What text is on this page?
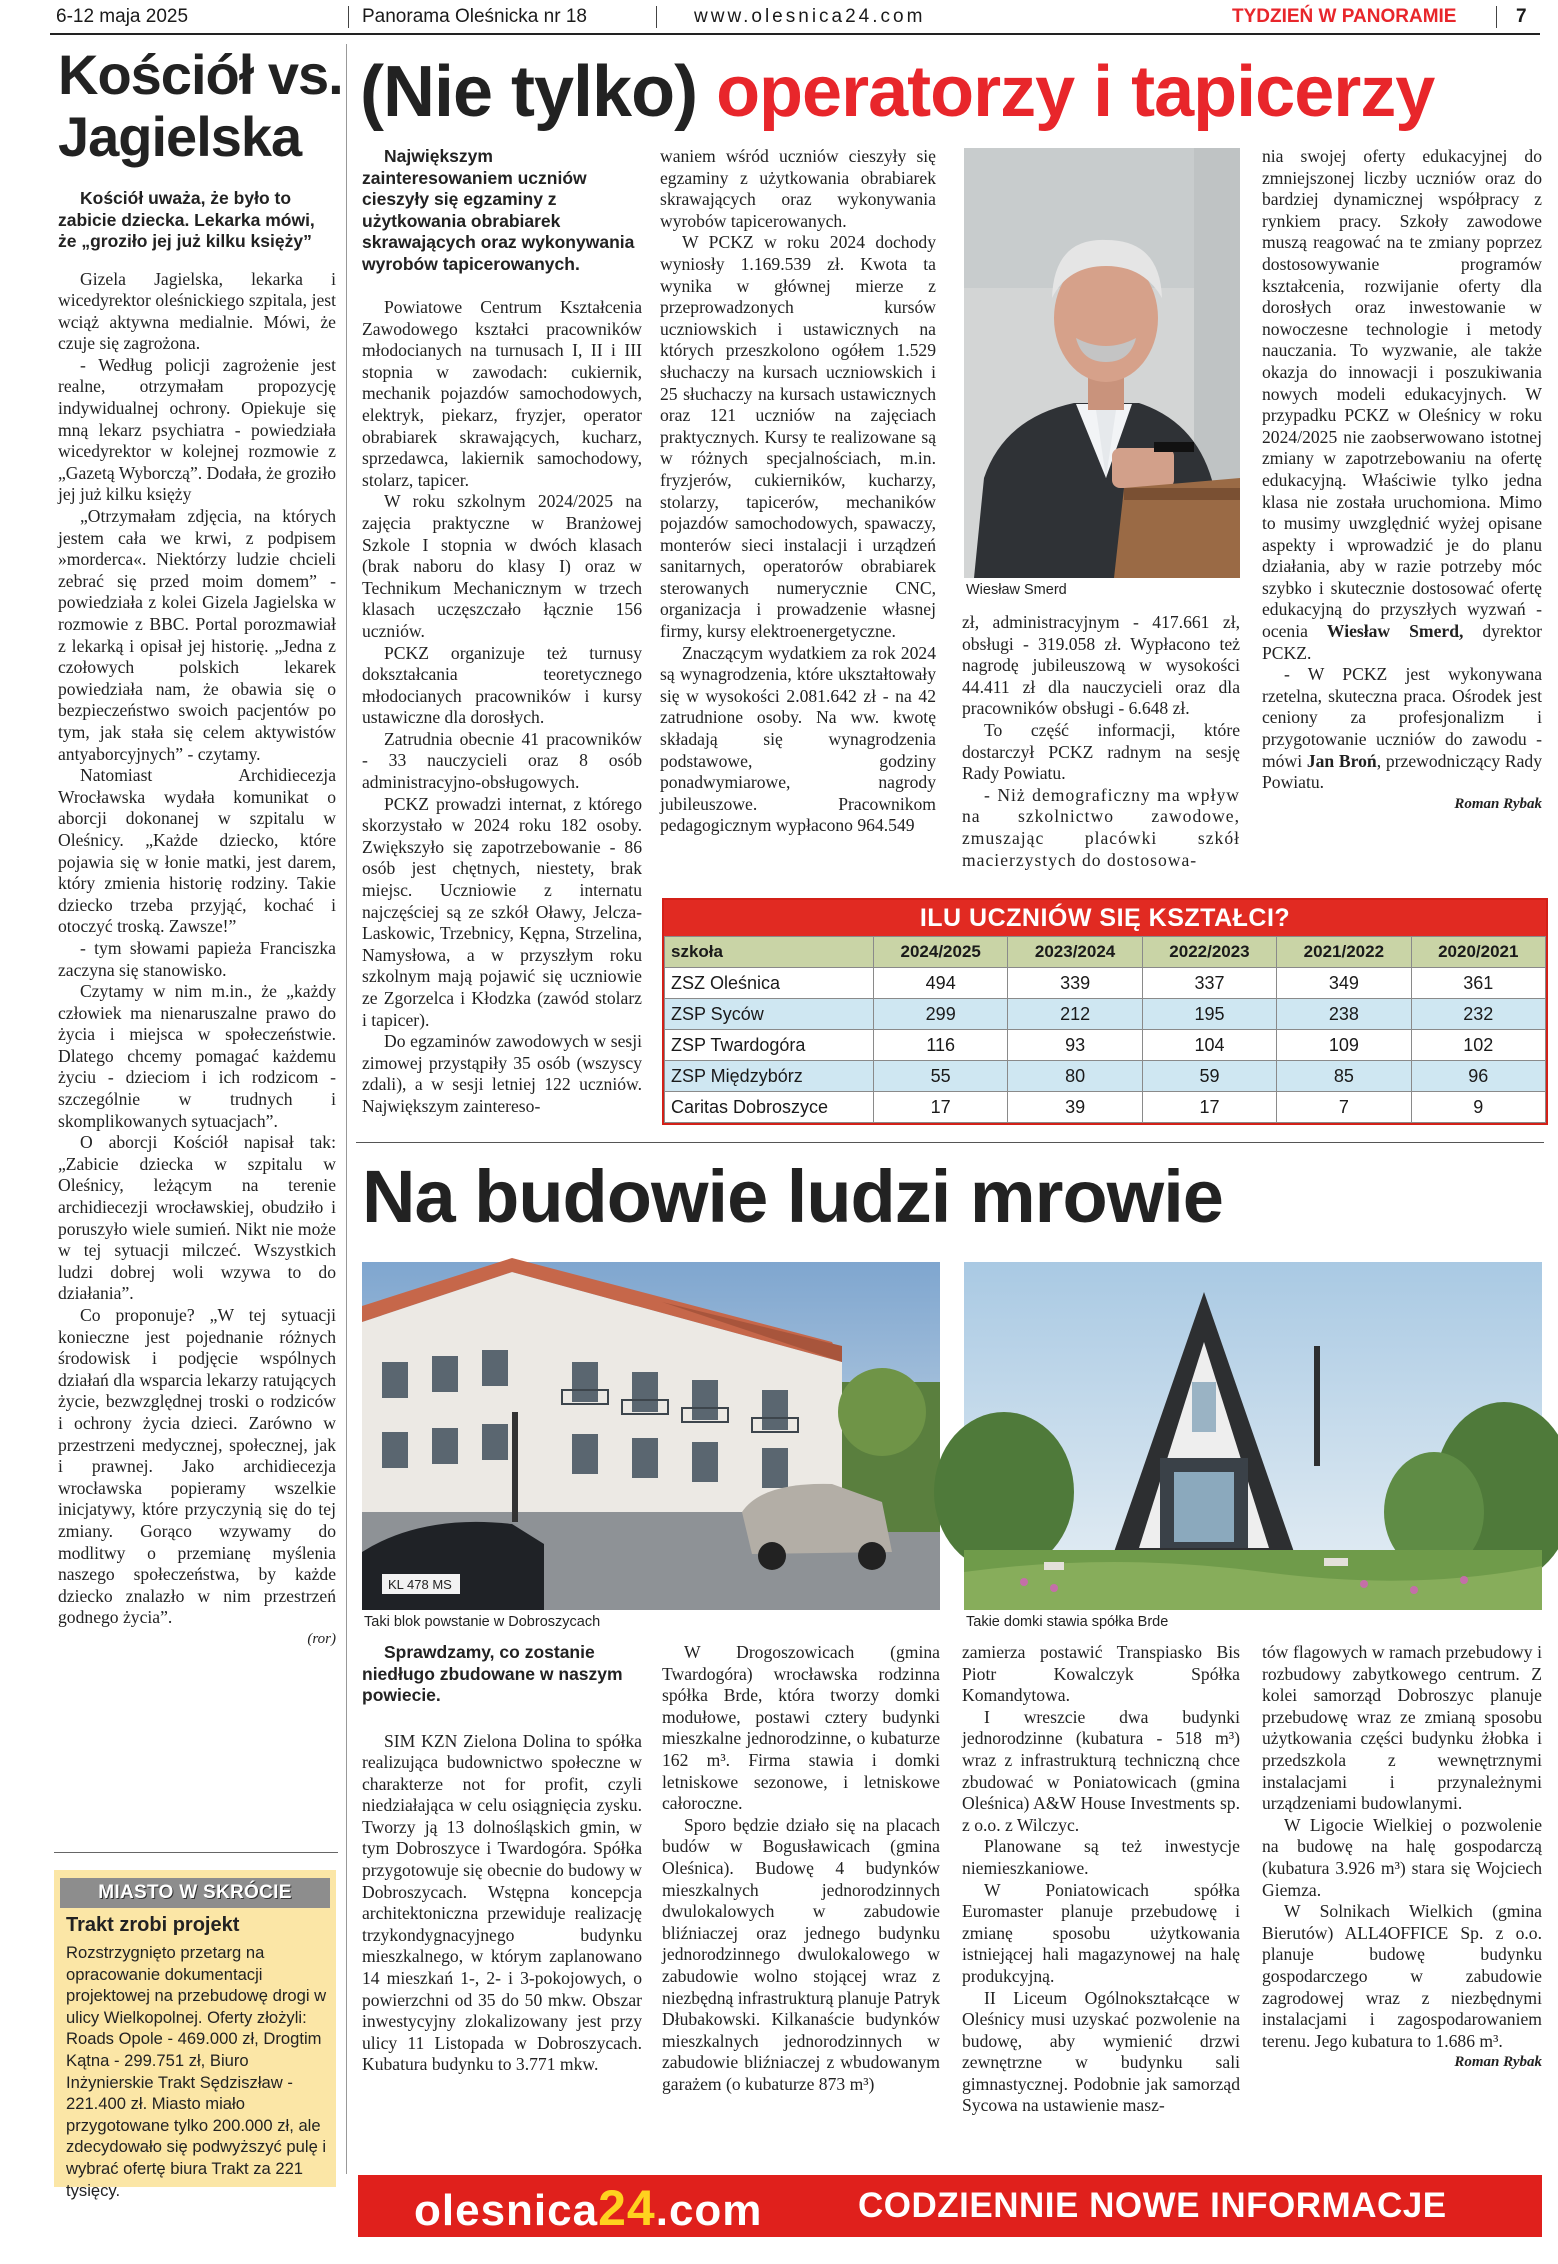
6-12 maja 2025	Panorama Oleśnicka nr 18	www.olesnica24.com	TYDZIEŃ W PANORAMIE	7
Kościół vs. Jagielska

Kościół uważa, że było to zabicie dziecka. Lekarka mówi, że „groziło jej już kilku księży”

Gizela Jagielska, lekarka i wicedyrektor oleśnickiego szpitala, jest wciąż aktywna medialnie. Mówi, że czuje się zagrożona.

- Według policji zagrożenie jest realne, otrzymałam propozycję indywidualnej ochrony. Opiekuje się mną lekarz psychiatra - powiedziała wicedyrektor w kolejnej rozmowie z „Gazetą Wyborczą”. Dodała, że groziło jej już kilku księży

„Otrzymałam zdjęcia, na których jestem cała we krwi, z podpisem »morderca«. Niektórzy ludzie chcieli zebrać się przed moim domem” - powiedziała z kolei Gizela Jagielska w rozmowie z BBC. Portal porozmawiał z lekarką i opisał jej historię. „Jedna z czołowych polskich lekarek powiedziała nam, że obawia się o bezpieczeństwo swoich pacjentów po tym, jak stała się celem aktywistów antyaborcyjnych” - czytamy.

Natomiast Archidiecezja Wrocławska wydała komunikat o aborcji dokonanej w szpitalu w Oleśnicy. „Każde dziecko, które pojawia się w łonie matki, jest darem, który zmienia historię rodziny. Takie dziecko trzeba przyjąć, kochać i otoczyć troską. Zawsze!”

- tym słowami papieża Franciszka zaczyna się stanowisko.

Czytamy w nim m.in., że „każdy człowiek ma nienaruszalne prawo do życia i miejsca w społeczeństwie. Dlatego chcemy pomagać każdemu życiu - dzieciom i ich rodzicom - szczególnie w trudnych i skomplikowanych sytuacjach”.

O aborcji Kościół napisał tak: „Zabicie dziecka w szpitalu w Oleśnicy, leżącym na terenie archidiecezji wrocławskiej, obudziło i poruszyło wiele sumień. Nikt nie może w tej sytuacji milczeć. Wszystkich ludzi dobrej woli wzywa to do działania”.

Co proponuje? „W tej sytuacji konieczne jest pojednanie różnych środowisk i podjęcie wspólnych działań dla wsparcia lekarzy ratujących życie, bezwzględnej troski o rodziców i ochrony życia dzieci. Zarówno w przestrzeni medycznej, społecznej, jak i prawnej. Jako archidiecezja wrocławska popieramy wszelkie inicjatywy, które przyczynią się do tej zmiany. Gorąco wzywamy do modlitwy o przemianę myślenia naszego społeczeństwa, by każde dziecko znalazło w nim przestrzeń godnego życia”.

(ror)

MIASTO W SKRÓCIE
Trakt zrobi projekt
Rozstrzygnięto przetarg na opracowanie dokumentacji projektowej na przebudowę drogi w ulicy Wielkopolnej. Oferty złożyli: Roads Opole - 469.000 zł, Drogtim Kątna - 299.751 zł, Biuro Inżynierskie Trakt Sędziszław - 221.400 zł. Miasto miało przygotowane tylko 200.000 zł, ale zdecydowało się podwyższyć pulę i wybrać ofertę biura Trakt za 221 tysięcy.
(Nie tylko) operatorzy i tapicerzy

Największym zainteresowaniem uczniów cieszyły się egzaminy z użytkowania obrabiarek skrawających oraz wykonywania wyrobów tapicerowanych.

Powiatowe Centrum Kształcenia Zawodowego kształci pracowników młodocianych na turnusach I, II i III stopnia w zawodach: cukiernik, mechanik pojazdów samochodowych, elektryk, piekarz, fryzjer, operator obrabiarek skrawających, kucharz, sprzedawca, lakiernik samochodowy, stolarz, tapicer.

W roku szkolnym 2024/2025 na zajęcia praktyczne w Branżowej Szkole I stopnia w dwóch klasach (brak naboru do klasy I) oraz w Technikum Mechanicznym w trzech klasach uczęszczało łącznie 156 uczniów.

PCKZ organizuje też turnusy dokształcania teoretycznego młodocianych pracowników i kursy ustawiczne dla dorosłych.

Zatrudnia obecnie 41 pracowników - 33 nauczycieli oraz 8 osób administracyjno-obsługowych.

PCKZ prowadzi internat, z którego skorzystało w 2024 roku 182 osoby. Zwiększyło się zapotrzebowanie - 86 osób jest chętnych, niestety, brak miejsc. Uczniowie z internatu najczęściej są ze szkół Oławy, Jelcza-Laskowic, Trzebnicy, Kępna, Strzelina, Namysłowa, a w przyszłym roku szkolnym mają pojawić się uczniowie ze Zgorzelca i Kłodzka (zawód stolarz i tapicer).

Do egzaminów zawodowych w sesji zimowej przystąpiły 35 osób (wszyscy zdali), a w sesji letniej 122 uczniów. Największym zaintereso-

waniem wśród uczniów cieszyły się egzaminy z użytkowania obrabiarek skrawających oraz wykonywania wyrobów tapicerowanych.

W PCKZ w roku 2024 dochody wyniosły 1.169.539 zł. Kwota ta wynika w głównej mierze z przeprowadzonych kursów uczniowskich i ustawicznych na których przeszkolono ogółem 1.529 słuchaczy na kursach uczniowskich i 25 słuchaczy na kursach ustawicznych oraz 121 uczniów na zajęciach praktycznych. Kursy te realizowane są w różnych specjalnościach, m.in. fryzjerów, cukierników, kucharzy, stolarzy, tapicerów, mechaników pojazdów samochodowych, spawaczy, monterów sieci instalacji i urządzeń sanitarnych, operatorów obrabiarek sterowanych numerycznie CNC, organizacja i prowadzenie własnej firmy, kursy elektroenergetyczne.

Znaczącym wydatkiem za rok 2024 są wynagrodzenia, które ukształtowały się w wysokości 2.081.642 zł - na 42 zatrudnione osoby. Na ww. kwotę składają się wynagrodzenia podstawowe, godziny ponadwymiarowe, nagrody jubileuszowe. Pracownikom pedagogicznym wypłacono 964.549

Wiesław Smerd

zł, administracyjnym - 417.661 zł, obsługi - 319.058 zł. Wypłacono też nagrodę jubileuszową w wysokości 44.411 zł dla nauczycieli oraz dla pracowników obsługi - 6.648 zł.

To część informacji, które dostarczył PCKZ radnym na sesję Rady Powiatu.

- Niż demograficzny ma wpływ na szkolnictwo zawodowe, zmuszając placówki szkół macierzystych do dostosowa-

nia swojej oferty edukacyjnej do zmniejszonej liczby uczniów oraz do bardziej dynamicznej współpracy z rynkiem pracy. Szkoły zawodowe muszą reagować na te zmiany poprzez dostosowywanie programów kształcenia, rozwijanie oferty dla dorosłych oraz inwestowanie w nowoczesne technologie i metody nauczania. To wyzwanie, ale także okazja do innowacji i poszukiwania nowych modeli edukacyjnych. W przypadku PCKZ w Oleśnicy w roku 2024/2025 nie zaobserwowano istotnej zmiany w zapotrzebowaniu na ofertę edukacyjną. Właściwie tylko jedna klasa nie została uruchomiona. Mimo to musimy uwzględnić wyżej opisane aspekty i wprowadzić je do planu działania, aby w razie potrzeby móc szybko i skutecznie dostosować ofertę edukacyjną do przyszłych wyzwań - ocenia Wiesław Smerd, dyrektor PCKZ.

- W PCKZ jest wykonywana rzetelna, skuteczna praca. Ośrodek jest ceniony za profesjonalizm i przygotowanie uczniów do zawodu - mówi Jan Broń, przewodniczący Rady Powiatu.

Roman Rybak

ILU UCZNIÓW SIĘ KSZTAŁCI?
szkoła	2024/2025	2023/2024	2022/2023	2021/2022	2020/2021
ZSZ Oleśnica	494	339	337	349	361
ZSP Syców	299	212	195	238	232
ZSP Twardogóra	116	93	104	109	102
ZSP Międzybórz	55	80	59	85	96
Caritas Dobroszyce	17	39	17	7	9
Na budowie ludzi mrowie
KL 478 MS
Taki blok powstanie w Dobroszycach	Takie domki stawia spółka Brde

Sprawdzamy, co zostanie niedługo zbudowane w naszym powiecie.

SIM KZN Zielona Dolina to spółka realizująca budownictwo społeczne w charakterze not for profit, czyli niedziałająca w celu osiągnięcia zysku. Tworzy ją 13 dolnośląskich gmin, w tym Dobroszyce i Twardogóra. Spółka przygotowuje się obecnie do budowy w Dobroszycach. Wstępna koncepcja architektoniczna przewiduje realizację trzykondygnacyjnego budynku mieszkalnego, w którym zaplanowano 14 mieszkań 1-, 2- i 3-pokojowych, o powierzchni od 35 do 50 mkw. Obszar inwestycyjny zlokalizowany jest przy ulicy 11 Listopada w Dobroszycach. Kubatura budynku to 3.771 mkw.

W Drogoszowicach (gmina Twardogóra) wrocławska rodzinna spółka Brde, która tworzy domki modułowe, postawi cztery budynki mieszkalne jednorodzinne, o kubaturze 162 m³. Firma stawia i domki letniskowe sezonowe, i letniskowe całoroczne.

Sporo będzie działo się na placach budów w Bogusławicach (gmina Oleśnica). Budowę 4 budynków mieszkalnych jednorodzinnych dwulokalowych w zabudowie bliźniaczej oraz jednego budynku jednorodzinnego dwulokalowego w zabudowie wolno stojącej wraz z niezbędną infrastrukturą planuje Patryk Dłubakowski. Kilkanaście budynków mieszkalnych jednorodzinnych w zabudowie bliźniaczej z wbudowanym garażem (o kubaturze 873 m³)

zamierza postawić Transpiasko Bis Piotr Kowalczyk Spółka Komandytowa.

I wreszcie dwa budynki jednorodzinne (kubatura - 518 m³) wraz z infrastrukturą techniczną chce zbudować w Poniatowicach (gmina Oleśnica) A&W House Investments sp. z o.o. z Wilczyc.

Planowane są też inwestycje niemieszkaniowe.

W Poniatowicach spółka Euromaster planuje przebudowę i zmianę sposobu użytkowania istniejącej hali magazynowej na halę produkcyjną.

II Liceum Ogólnokształcące w Oleśnicy musi uzyskać pozwolenie na budowę, aby wymienić drzwi zewnętrzne w budynku sali gimnastycznej. Podobnie jak samorząd Sycowa na ustawienie masz-

tów flagowych w ramach przebudowy i rozbudowy zabytkowego centrum. Z kolei samorząd Dobroszyc planuje przebudowę wraz ze zmianą sposobu użytkowania części budynku żłobka i przedszkola z wewnętrznymi instalacjami i przynależnymi urządzeniami budowlanymi.

W Ligocie Wielkiej o pozwolenie na budowę na halę gospodarczą (kubatura 3.926 m³) stara się Wojciech Giemza.

W Solnikach Wielkich (gmina Bierutów) ALL4OFFICE Sp. z o.o. planuje budowę budynku gospodarczego w zabudowie zagrodowej wraz z niezbędnymi instalacjami i zagospodarowaniem terenu. Jego kubatura to 1.686 m³.

Roman Rybak

olesnica24.com	CODZIENNIE NOWE INFORMACJE
